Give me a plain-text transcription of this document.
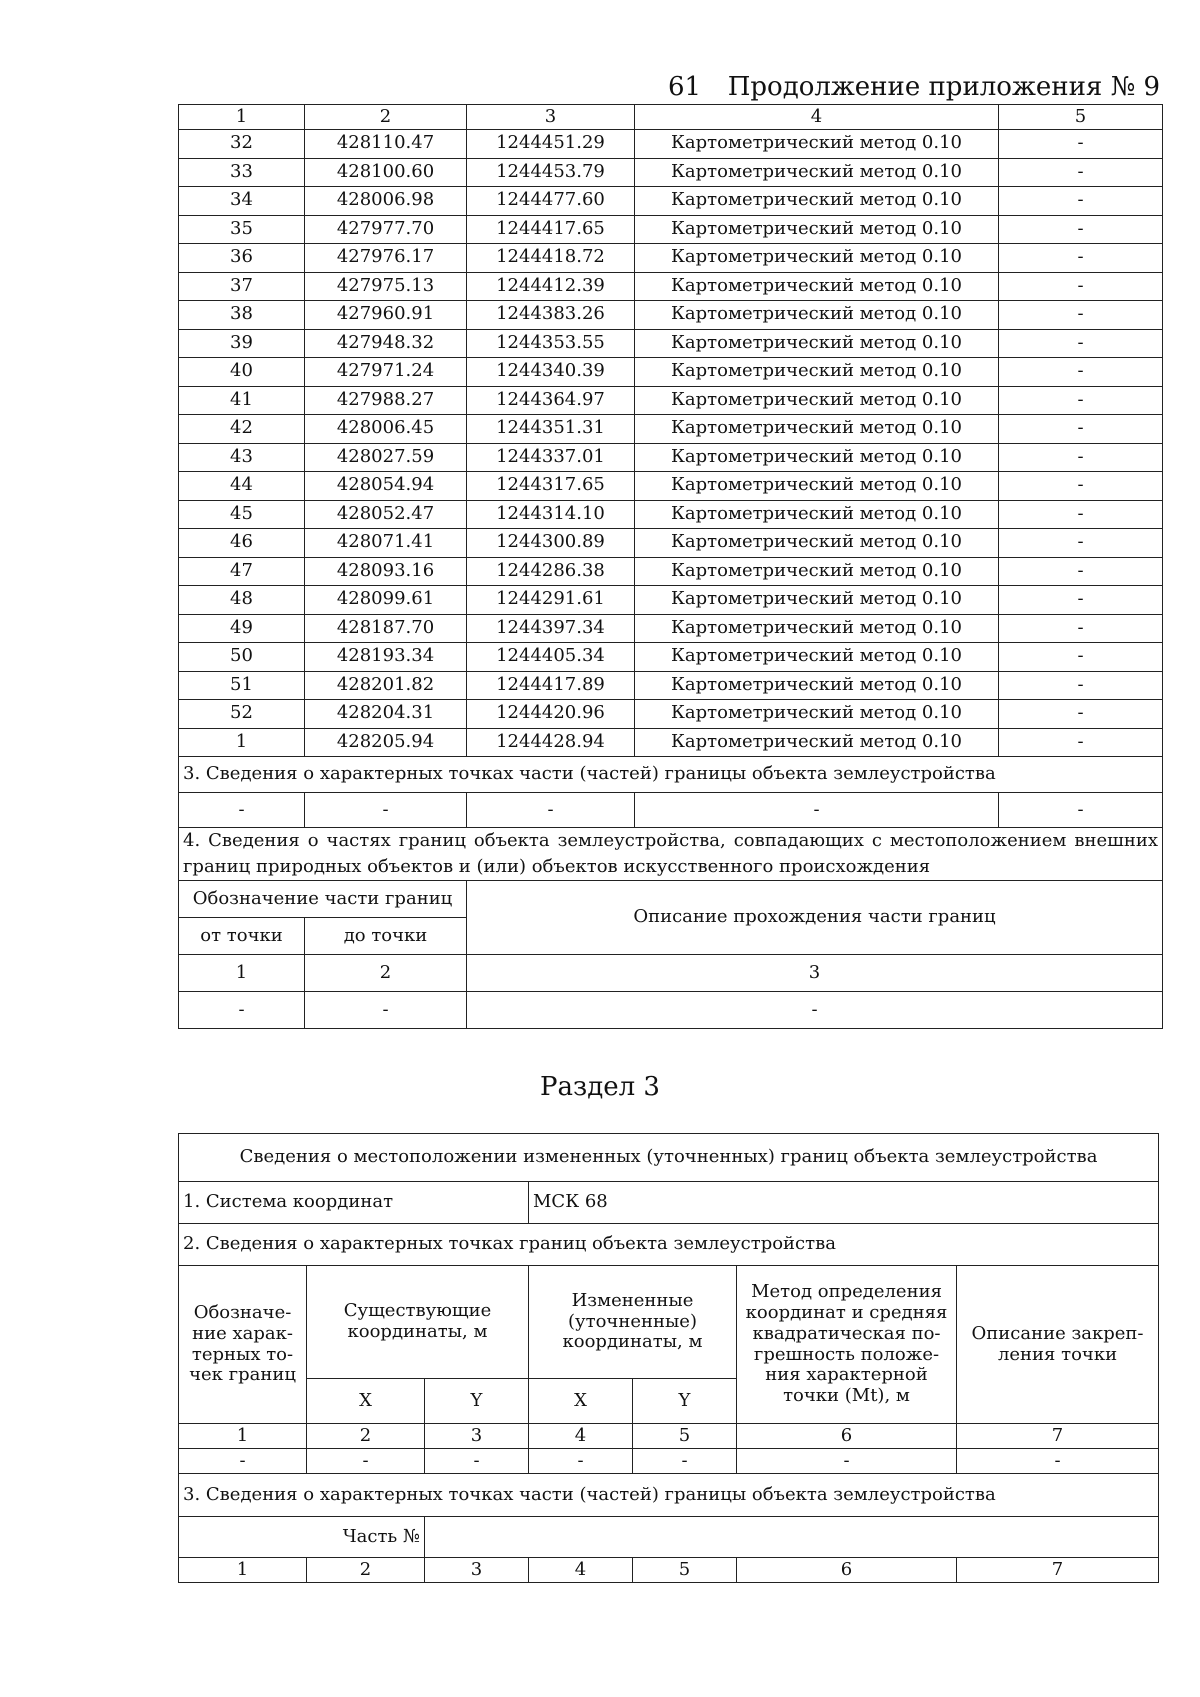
61 Продолжение приложения № 9
1	2	3	4	5
32	428110.47	1244451.29	Картометрический метод 0.10	-
33	428100.60	1244453.79	Картометрический метод 0.10	-
34	428006.98	1244477.60	Картометрический метод 0.10	-
35	427977.70	1244417.65	Картометрический метод 0.10	-
36	427976.17	1244418.72	Картометрический метод 0.10	-
37	427975.13	1244412.39	Картометрический метод 0.10	-
38	427960.91	1244383.26	Картометрический метод 0.10	-
39	427948.32	1244353.55	Картометрический метод 0.10	-
40	427971.24	1244340.39	Картометрический метод 0.10	-
41	427988.27	1244364.97	Картометрический метод 0.10	-
42	428006.45	1244351.31	Картометрический метод 0.10	-
43	428027.59	1244337.01	Картометрический метод 0.10	-
44	428054.94	1244317.65	Картометрический метод 0.10	-
45	428052.47	1244314.10	Картометрический метод 0.10	-
46	428071.41	1244300.89	Картометрический метод 0.10	-
47	428093.16	1244286.38	Картометрический метод 0.10	-
48	428099.61	1244291.61	Картометрический метод 0.10	-
49	428187.70	1244397.34	Картометрический метод 0.10	-
50	428193.34	1244405.34	Картометрический метод 0.10	-
51	428201.82	1244417.89	Картометрический метод 0.10	-
52	428204.31	1244420.96	Картометрический метод 0.10	-
1	428205.94	1244428.94	Картометрический метод 0.10	-
3. Сведения о характерных точках части (частей) границы объекта землеустройства				
-	-	-	-	-
4. Сведения о частях границ объекта землеустройства, совпадающих с местоположением внешних границ природных объектов и (или) объектов искусственного происхождения				
Обозначение части границ		Описание прохождения части границ		
от точки	до точки			
1	2	3		
-	-	-		
Раздел 3
Сведения о местоположении измененных (уточненных) границ объекта землеустройства						
1. Система координат			МСК 68			
2. Сведения о характерных точках границ объекта землеустройства						
Обозначе-ние харак-терных то-чек границ	Существующие координаты, м		Измененные (уточненные) координаты, м		Метод определения координат и средняя квадратическая по-грешность положе-ния характерной точки (Mt), м	Описание закреп-ления точки
	X	Y	X	Y		
1	2	3	4	5	6	7
-	-	-	-	-	-	-
3. Сведения о характерных точках части (частей) границы объекта землеустройства						
Часть №						
1	2	3	4	5	6	7
